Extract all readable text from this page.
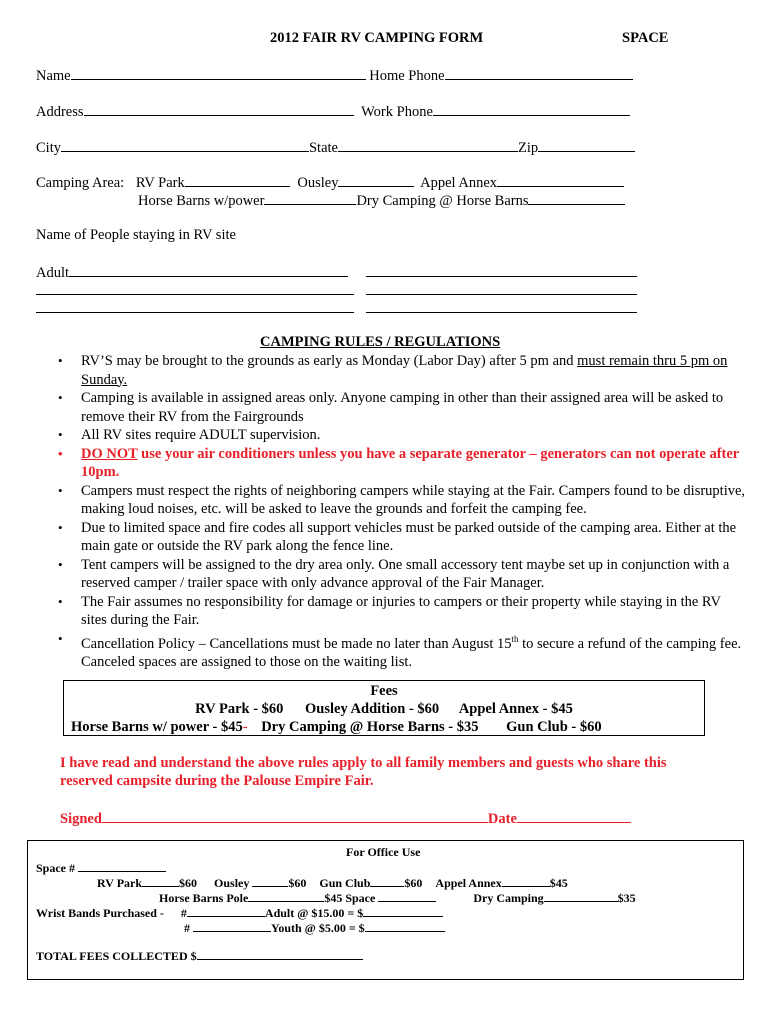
2012 FAIR RV CAMPING FORM	SPACE
Name	Home Phone
Address	Work Phone
City	State	Zip
Camping Area: RV Park	Ousley	Appel Annex
Horse Barns w/power	Dry Camping @ Horse Barns
Name of People staying in RV site
Adult
CAMPING RULES / REGULATIONS
• RV’S may be brought to the grounds as early as Monday (Labor Day) after 5 pm and must remain thru 5 pm on Sunday.
• Camping is available in assigned areas only. Anyone camping in other than their assigned area will be asked to remove their RV from the Fairgrounds
• All RV sites require ADULT supervision.
• DO NOT use your air conditioners unless you have a separate generator – generators can not operate after 10pm.
• Campers must respect the rights of neighboring campers while staying at the Fair. Campers found to be disruptive, making loud noises, etc. will be asked to leave the grounds and forfeit the camping fee.
• Due to limited space and fire codes all support vehicles must be parked outside of the camping area. Either at the main gate or outside the RV park along the fence line.
• Tent campers will be assigned to the dry area only. One small accessory tent maybe set up in conjunction with a reserved camper / trailer space with only advance approval of the Fair Manager.
• The Fair assumes no responsibility for damage or injuries to campers or their property while staying in the RV sites during the Fair.
• Cancellation Policy – Cancellations must be made no later than August 15th to secure a refund of the camping fee. Canceled spaces are assigned to those on the waiting list.
Fees
RV Park - $60 Ousley Addition - $60 Appel Annex - $45
Horse Barns w/ power - $45- Dry Camping @ Horse Barns - $35 Gun Club - $60
I have read and understand the above rules apply to all family members and guests who share this
reserved campsite during the Palouse Empire Fair.
Signed	Date
For Office Use
Space #
RV Park	$60 Ousley	$60 Gun Club	$60 Appel Annex	$45
Horse Barns Pole	$45 Space	Dry Camping	$35
Wrist Bands Purchased - #	Adult @ $15.00 = $
#	Youth @ $5.00 = $
TOTAL FEES COLLECTED $
